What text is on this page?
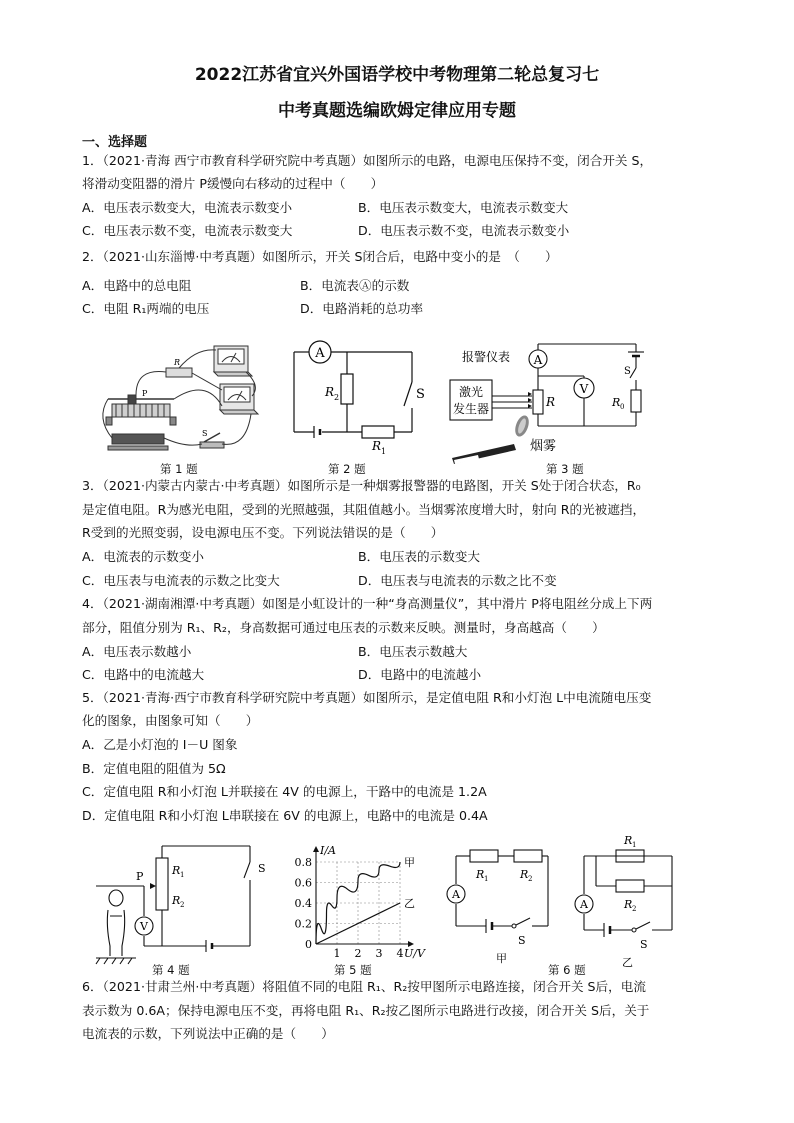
2022江苏省宜兴外国语学校中考物理第二轮总复习七
中考真题选编欧姆定律应用专题
一、选择题
1．（2021·青海 西宁市教育科学研究院中考真题）如图所示的电路，电源电压保持不变，闭合开关 S，
将滑动变阻器的滑片 P缓慢向右移动的过程中（　　）
A．电压表示数变大，电流表示数变小	B．电压表示数变大，电流表示数变大
C．电压表示数不变，电流表示数变大	D．电压表示数不变，电流表示数变小
2．（2021·山东淄博·中考真题）如图所示，开关 S闭合后，电路中变小的是　（　　）
A．电路中的总电阻	B．电流表Ⓐ的示数
C．电阻 R₁两端的电压	D．电路消耗的总功率
P
R
S
A
R 2	S
R 1
A
V
激光
发生器
报警仪表
R
S
R 0
烟雾
第 1 题	第 2 题	第 3 题
3．（2021·内蒙古内蒙古·中考真题）如图所示是一种烟雾报警器的电路图，开关 S处于闭合状态，R₀
是定值电阻。R为感光电阻，受到的光照越强，其阻值越小。当烟雾浓度增大时，射向 R的光被遮挡，
R受到的光照变弱，设电源电压不变。下列说法错误的是（　　）
A．电流表的示数变小	B．电压表的示数变大
C．电压表与电流表的示数之比变大	D．电压表与电流表的示数之比不变
4．（2021·湖南湘潭·中考真题）如图是小虹设计的一种“身高测量仪”，其中滑片 P将电阻丝分成上下两
部分，阻值分别为 R₁、R₂，身高数据可通过电压表的示数来反映。测量时，身高越高（　　）
A．电压表示数越小	B．电压表示数越大
C．电路中的电流越大	D．电路中的电流越小
5．（2021·青海·西宁市教育科学研究院中考真题）如图所示，是定值电阻 R和小灯泡 L中电流随电压变
化的图象，由图象可知（　　）
A．乙是小灯泡的 I－U 图象
B．定值电阻的阻值为 5Ω
C．定值电阻 R和小灯泡 L并联接在 4V 的电源上，干路中的电流是 1.2A
D．定值电阻 R和小灯泡 L串联接在 6V 的电源上，电路中的电流是 0.4A
V
P	R 1
R 2
S
0.2
0.4
0.6
0.8
1 2 3 4
0
I/A
U/V
甲
乙
A
R 1	R 2
S
甲
A
R 1
R 2
S
乙
第 4 题	第 5 题	第 6 题
6．（2021·甘肃兰州·中考真题）将阻值不同的电阻 R₁、R₂按甲图所示电路连接，闭合开关 S后，电流
表示数为 0.6A；保持电源电压不变，再将电阻 R₁、R₂按乙图所示电路进行改接，闭合开关 S后，关于
电流表的示数，下列说法中正确的是（　　）
